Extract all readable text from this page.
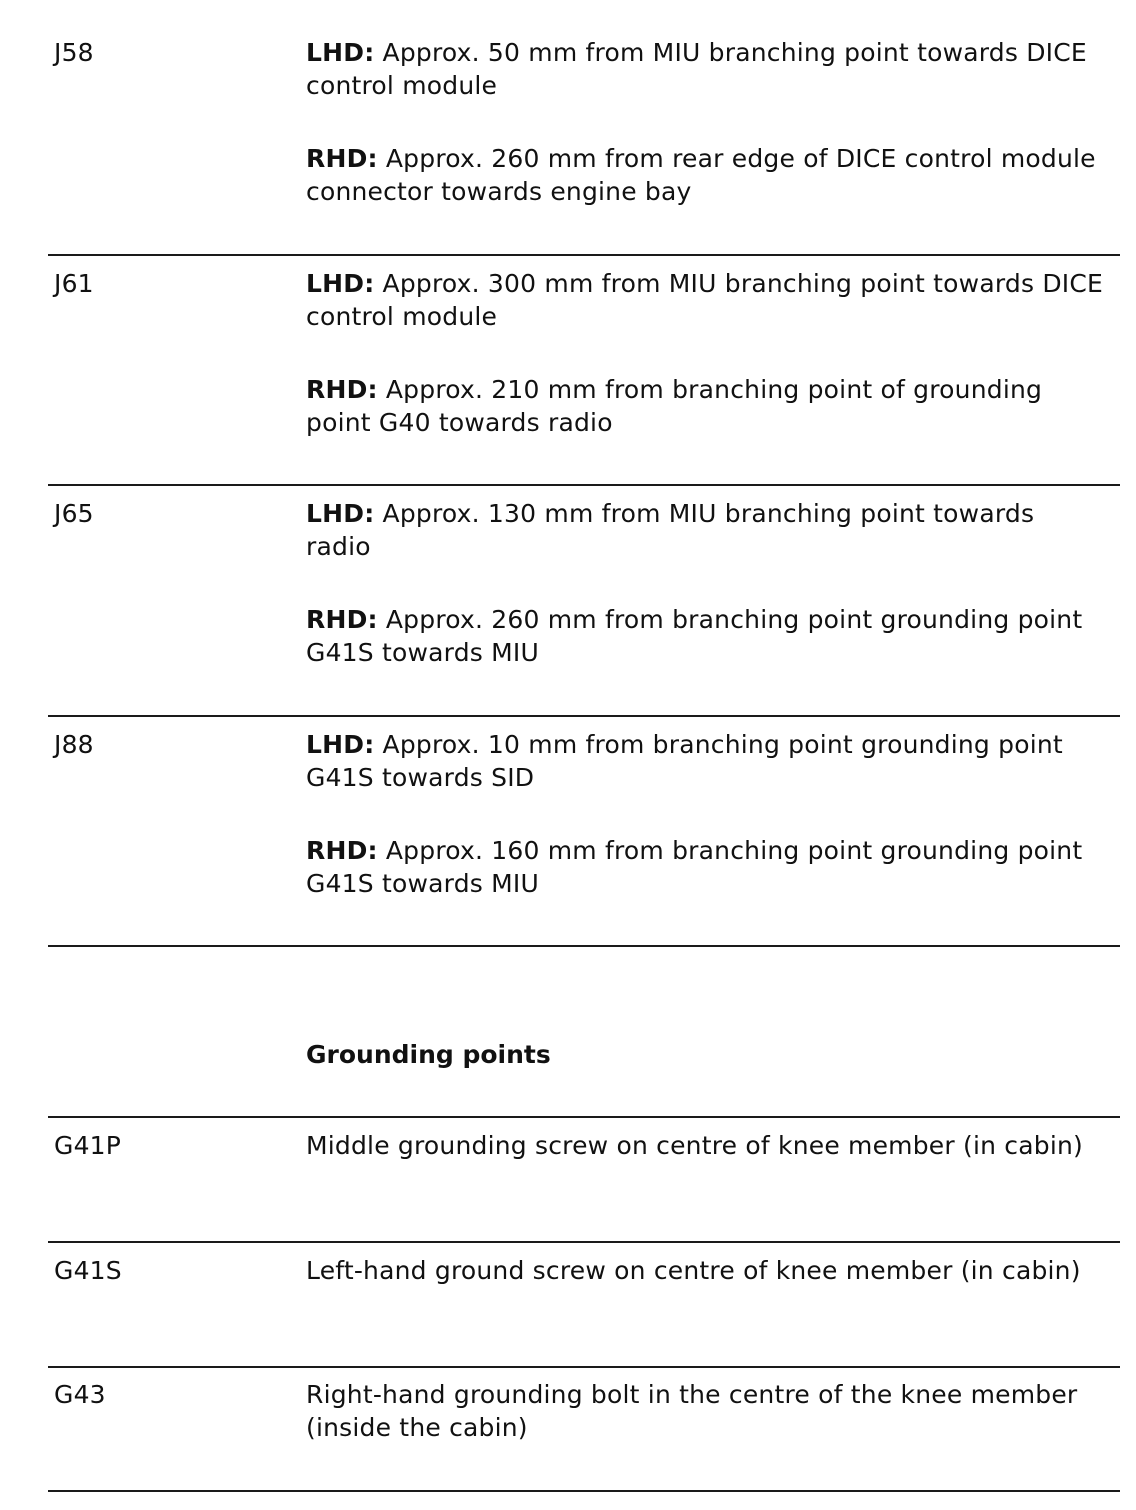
J58	LHD: Approx. 50 mm from MIU branching point towards DICE control module

RHD: Approx. 260 mm from rear edge of DICE control module connector towards engine bay

J61	LHD: Approx. 300 mm from MIU branching point towards DICE control module

RHD: Approx. 210 mm from branching point of grounding point G40 towards radio

J65	LHD: Approx. 130 mm from MIU branching point towards radio

RHD: Approx. 260 mm from branching point grounding point G41S towards MIU

J88	LHD: Approx. 10 mm from branching point grounding point G41S towards SID

RHD: Approx. 160 mm from branching point grounding point G41S towards MIU

Grounding points
G41P	Middle grounding screw on centre of knee member (in cabin)
G41S	Left-hand ground screw on centre of knee member (in cabin)
G43	Right-hand grounding bolt in the centre of the knee member (inside the cabin)
